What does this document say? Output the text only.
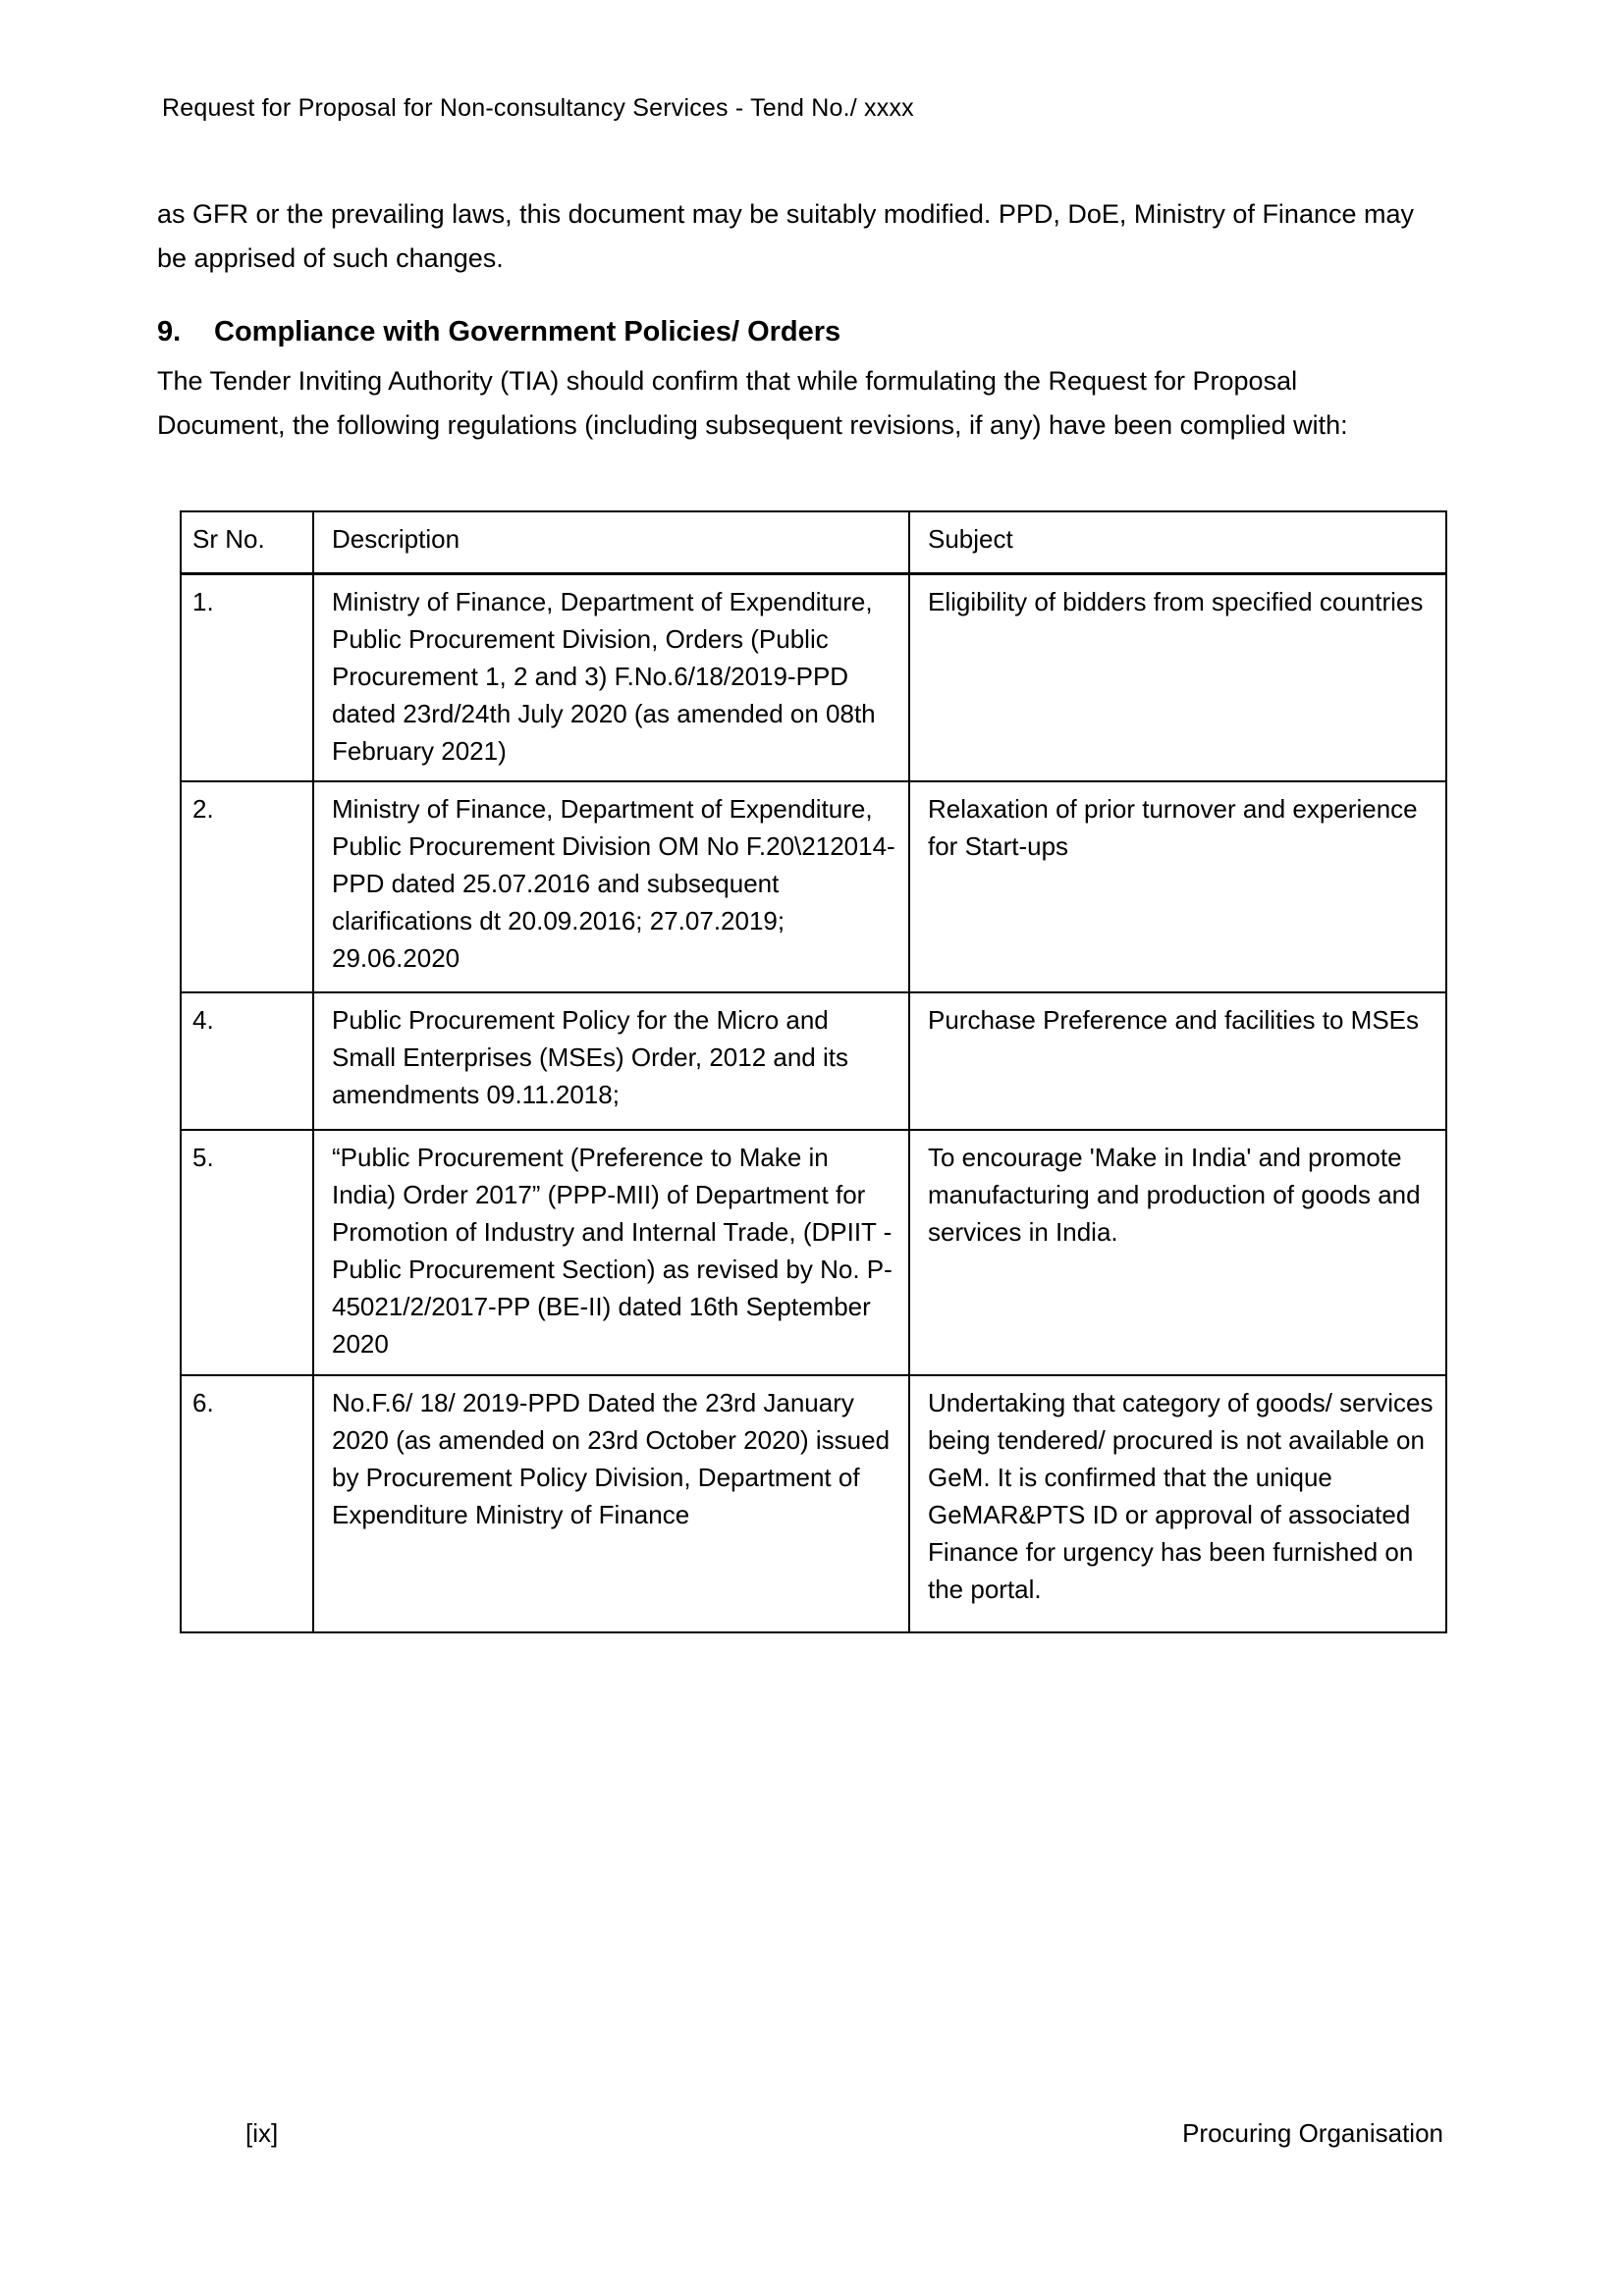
Request for Proposal for Non-consultancy Services - Tend No./ xxxx
as GFR or the prevailing laws, this document may be suitably modified. PPD, DoE, Ministry of Finance may be apprised of such changes.
9.	Compliance with Government Policies/ Orders
The Tender Inviting Authority (TIA) should confirm that while formulating the Request for Proposal Document, the following regulations (including subsequent revisions, if any) have been complied with:
Sr No.	Description	Subject
1.	Ministry of Finance, Department of Expenditure, Public Procurement Division, Orders (Public Procurement 1, 2 and 3) F.No.6/18/2019-PPD dated 23rd/24th July 2020 (as amended on 08th February 2021)	Eligibility of bidders from specified countries
2.	Ministry of Finance, Department of Expenditure, Public Procurement Division OM No F.20\212014-PPD dated 25.07.2016 and subsequent clarifications dt 20.09.2016; 27.07.2019; 29.06.2020	Relaxation of prior turnover and experience for Start-ups
4.	Public Procurement Policy for the Micro and Small Enterprises (MSEs) Order, 2012 and its amendments 09.11.2018;	Purchase Preference and facilities to MSEs
5.	“Public Procurement (Preference to Make in India) Order 2017” (PPP-MII) of Department for Promotion of Industry and Internal Trade, (DPIIT - Public Procurement Section) as revised by No. P-45021/2/2017-PP (BE-II) dated 16th September 2020	To encourage 'Make in India' and promote manufacturing and production of goods and services in India.
6.	No.F.6/ 18/ 2019-PPD Dated the 23rd January 2020 (as amended on 23rd October 2020) issued by Procurement Policy Division, Department of Expenditure Ministry of Finance	Undertaking that category of goods/ services being tendered/ procured is not available on GeM. It is confirmed that the unique GeMAR&PTS ID or approval of associated Finance for urgency has been furnished on the portal.
[ix]	Procuring Organisation
